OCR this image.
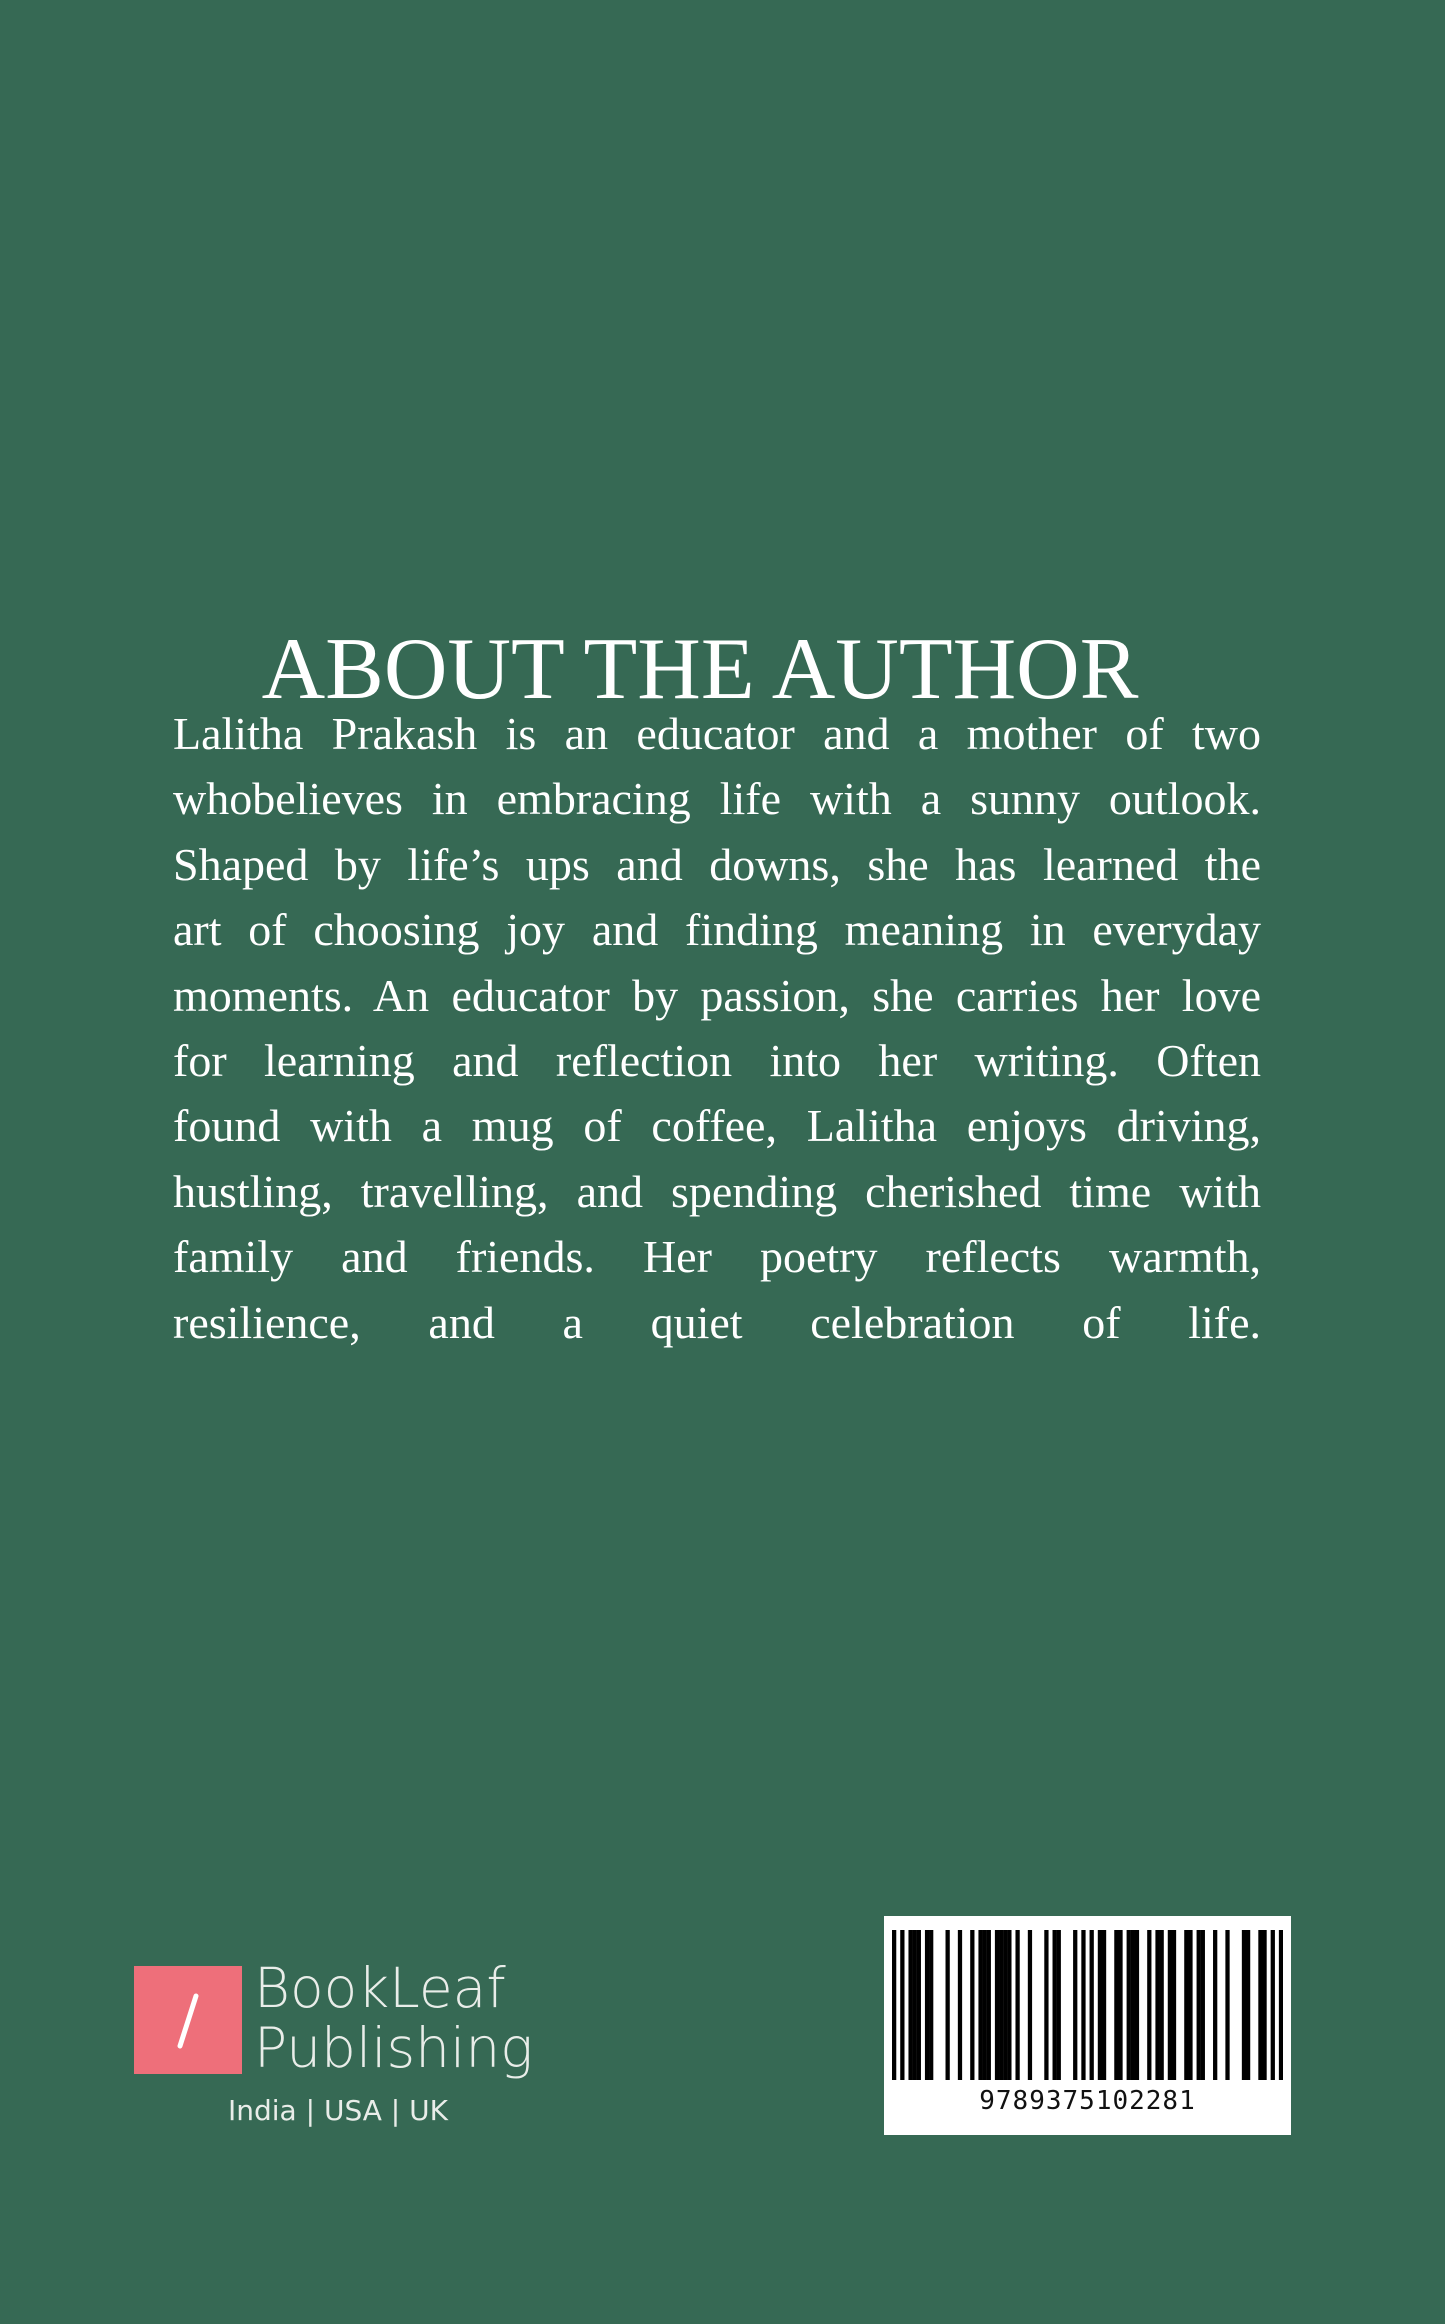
ABOUT THE AUTHOR
Lalitha Prakash is an educator and a mother of two
whobelieves in embracing life with a sunny outlook.
Shaped by life’s ups and downs, she has learned the
art of choosing joy and finding meaning in everyday
moments. An educator by passion, she carries her love
for learning and reflection into her writing. Often
found with a mug of coffee, Lalitha enjoys driving,
hustling, travelling, and spending cherished time with
family and friends. Her poetry reflects warmth,
resilience, and a quiet celebration of life.
BookLeaf
Publishing
India | USA | UK	9789375102281
